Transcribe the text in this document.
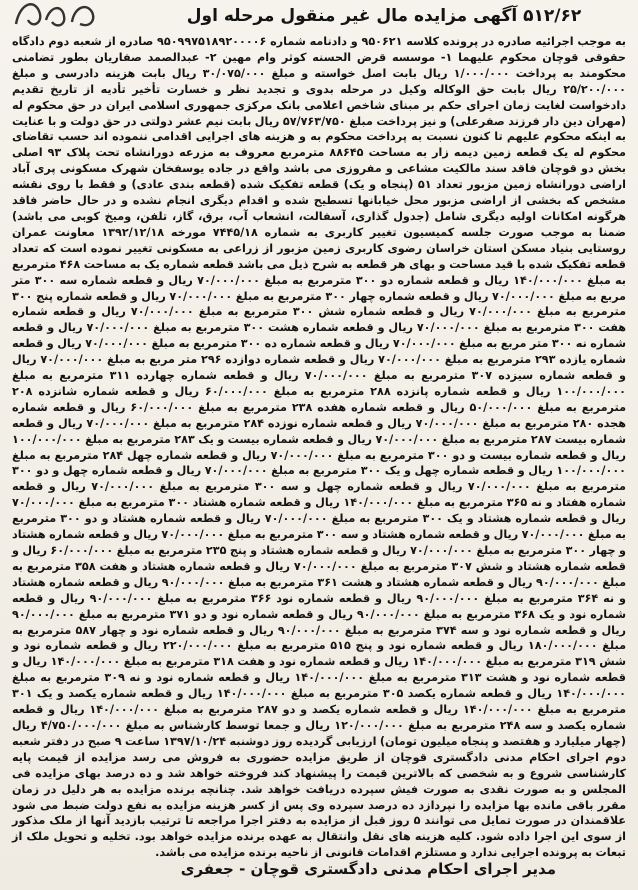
۵۱۲/۶۲ آگهی مزایده مال غیر منقول مرحله اول

به موجب اجرائیه صادره در پرونده کلاسه ۹۵۰۶۲۱ و دادنامه شماره ۹۵۰۹۹۷۵۱۸۹۲۰۰۰۰۶ صادره از شعبه دوم دادگاه حقوقی قوچان محکوم علیهما ۱- موسسه قرض الحسنه کوثر وام مهین ۲- عبدالصمد صفاریان بطور تضامنی محکومند به پرداخت ۱/۰۰۰/۰۰۰ ریال بابت اصل خواسته و مبلغ ۳۰/۰۷۵/۰۰۰ ریال بابت هزینه دادرسی و مبلغ ۲۵/۲۰۰/۰۰۰ ریال بابت حق الوکاله وکیل در مرحله بدوی و تجدید نظر و خسارت تأخیر تأدیه از تاریخ تقدیم دادخواست لغایت زمان اجرای حکم بر مبنای شاخص اعلامی بانک مرکزی جمهوری اسلامی ایران در حق محکوم له (مهران دین دار فرزند صفرعلی) و نیز پرداخت مبلغ ۵۷/۷۶۳/۷۵۰ ریال بابت نیم عشر دولتی در حق دولت و با عنایت به اینکه محکوم علیهم تا کنون نسبت به پرداخت محکوم به و هزینه های اجرایی اقدامی ننموده اند حسب تقاضای محکوم له یک قطعه زمین دیمه زار به مساحت ۸۸۶۴۵ مترمربع معروف به مزرعه دورانشاه تحت پلاک ۹۳ اصلی بخش دو قوچان فاقد سند مالکیت مشاعی و مفروزی می باشد واقع در جاده یوسفخان شهرک مسکونی پری آباد اراضی دورانشاه زمین مزبور تعداد ۵۱ (پنجاه و یک) قطعه تفکیک شده (قطعه بندی عادی) و فقط با روی نقشه مشخص که بخشی از اراضی مزبور محل خیابانها تسطیح شده و اقدام دیگری انجام نشده و در حال حاضر فاقد هرگونه امکانات اولیه دیگری شامل (جدول گذاری، آسفالت، انشعاب آب، برق، گاز، تلفن، ومیخ کوبی می باشد) ضمنا به موجب صورت جلسه کمیسیون تغییر کاربری به شماره ۷۴۴۵/۱۸ مورخه ۱۳۹۲/۱۲/۱۸ معاونت عمران روستایی بنیاد مسکن استان خراسان رضوی کاربری زمین مزبور از زراعی به مسکونی تغییر نموده است که تعداد قطعه تفکیک شده با قید مساحت و بهای هر قطعه به شرح ذیل می باشد قطعه شماره یک به مساحت ۴۶۸ مترمربع به مبلغ ۱۴۰/۰۰۰/۰۰۰ ریال و قطعه شماره دو ۳۰۰ مترمربع به مبلغ ۷۰/۰۰۰/۰۰۰ ریال و قطعه شماره سه ۳۰۰ متر مربع به مبلغ ۷۰/۰۰۰/۰۰۰ ریال و قطعه شماره چهار ۳۰۰ مترمربع به مبلغ ۷۰/۰۰۰/۰۰۰ ریال و قطعه شماره پنج ۳۰۰ مترمربع به مبلغ ۷۰/۰۰۰/۰۰۰ ریال و قطعه شماره شش ۳۰۰ مترمربع به مبلغ ۷۰/۰۰۰/۰۰۰ ریال و قطعه شماره هفت ۳۰۰ مترمربع به مبلغ ۷۰/۰۰۰/۰۰۰ ریال و قطعه شماره هشت ۳۰۰ مترمربع به مبلغ ۷۰/۰۰۰/۰۰۰ ریال و قطعه شماره نه ۳۰۰ متر مربع به مبلغ ۷۰/۰۰۰/۰۰۰ ریال و قطعه شماره ده ۳۰۰ مترمربع به مبلغ ۷۰/۰۰۰/۰۰۰ ریال و قطعه شماره یازده ۲۹۳ مترمربع به مبلغ ۷۰/۰۰۰/۰۰۰ ریال و قطعه شماره دوازده ۲۹۶ متر مربع به مبلغ ۷۰/۰۰۰/۰۰۰ ریال و قطعه شماره سیزده ۳۰۷ مترمربع به مبلغ ۷۰/۰۰۰/۰۰۰ ریال و قطعه شماره چهارده ۳۱۱ مترمربع به مبلغ ۱۰۰/۰۰۰/۰۰۰ ریال و قطعه شماره پانزده ۲۸۸ مترمربع به مبلغ ۶۰/۰۰۰/۰۰۰ ریال و قطعه شماره شانزده ۲۰۸ مترمربع به مبلغ ۵۰/۰۰۰/۰۰۰ ریال و قطعه شماره هفده ۲۳۸ مترمربع به مبلغ ۶۰/۰۰۰/۰۰۰ ریال و قطعه شماره هجده ۲۸۰ مترمربع به مبلغ ۷۰/۰۰۰/۰۰۰ ریال و قطعه شماره نوزده ۲۸۴ مترمربع به مبلغ ۷۰/۰۰۰/۰۰۰ ریال و قطعه شماره بیست ۲۸۷ مترمربع به مبلغ ۷۰/۰۰۰/۰۰۰ ریال و قطعه شماره بیست و یک ۲۸۳ مترمربع به مبلغ ۱۰۰/۰۰۰/۰۰۰ ریال و قطعه شماره بیست و دو ۳۰۰ مترمربع به مبلغ ۷۰/۰۰۰/۰۰۰ ریال و قطعه شماره چهل ۲۸۴ مترمربع به مبلغ ۱۰۰/۰۰۰/۰۰۰ ریال و قطعه شماره چهل و یک ۳۰۰ مترمربع به مبلغ ۷۰/۰۰۰/۰۰۰ ریال و قطعه شماره چهل و دو ۳۰۰ مترمربع به مبلغ ۷۰/۰۰۰/۰۰۰ ریال و قطعه شماره چهل و سه ۳۰۰ مترمربع به مبلغ ۷۰/۰۰۰/۰۰۰ ریال و قطعه شماره هفتاد و نه ۳۶۵ مترمربع به مبلغ ۱۴۰/۰۰۰/۰۰۰ ریال و قطعه شماره هشتاد ۳۰۰ مترمربع به مبلغ ۷۰/۰۰۰/۰۰۰ ریال و قطعه شماره هشتاد و یک ۳۰۰ مترمربع به مبلغ ۷۰/۰۰۰/۰۰۰ ریال و قطعه شماره هشتاد و دو ۳۰۰ مترمربع به مبلغ ۷۰/۰۰۰/۰۰۰ ریال و قطعه شماره هشتاد و سه ۳۰۰ مترمربع به مبلغ ۷۰/۰۰۰/۰۰۰ ریال و قطعه شماره هشتاد و چهار ۳۰۰ مترمربع به مبلغ ۷۰/۰۰۰/۰۰۰ ریال و قطعه شماره هشتاد و پنج ۲۳۵ مترمربع به مبلغ ۶۰/۰۰۰/۰۰۰ ریال و قطعه شماره هشتاد و شش ۳۰۷ مترمربع به مبلغ ۷۰/۰۰۰/۰۰۰ ریال و قطعه شماره هشتاد و هفت ۳۵۸ مترمربع به مبلغ ۹۰/۰۰۰/۰۰۰ ریال و قطعه شماره هشتاد و هشت ۳۶۱ مترمربع به مبلغ ۹۰/۰۰۰/۰۰۰ ریال و قطعه شماره هشتاد و نه ۳۶۴ مترمربع به مبلغ ۹۰/۰۰۰/۰۰۰ ریال و قطعه شماره نود ۳۶۶ مترمربع به مبلغ ۹۰/۰۰۰/۰۰۰ ریال و قطعه شماره نود و یک ۳۶۸ مترمربع به مبلغ ۹۰/۰۰۰/۰۰۰ ریال و قطعه شماره نود و دو ۳۷۱ مترمربع به مبلغ ۹۰/۰۰۰/۰۰۰ ریال و قطعه شماره نود و سه ۳۷۴ مترمربع به مبلغ ۹۰/۰۰۰/۰۰۰ ریال و قطعه شماره نود و چهار ۵۸۷ مترمربع به مبلغ ۱۸۰/۰۰۰/۰۰۰ ریال و قطعه شماره نود و پنج ۵۱۵ مترمربع به مبلغ ۲۲۰/۰۰۰/۰۰۰ ریال و قطعه شماره نود و شش ۳۱۹ مترمربع به مبلغ ۱۴۰/۰۰۰/۰۰۰ ریال و قطعه شماره نود و هفت ۳۱۸ مترمربع به مبلغ ۱۴۰/۰۰۰/۰۰۰ ریال و قطعه شماره نود و هشت ۳۱۳ مترمربع به مبلغ ۱۴۰/۰۰۰/۰۰۰ ریال و قطعه شماره نود و نه ۳۰۹ مترمربع به مبلغ ۱۴۰/۰۰۰/۰۰۰ ریال و قطعه شماره یکصد ۳۰۵ مترمربع به مبلغ ۱۴۰/۰۰۰/۰۰۰ ریال و قطعه شماره یکصد و یک ۳۰۱ مترمربع به مبلغ ۱۴۰/۰۰۰/۰۰۰ ریال و قطعه شماره یکصد و دو ۲۸۷ مترمربع به مبلغ ۱۴۰/۰۰۰/۰۰۰ ریال و قطعه شماره یکصد و سه ۲۴۸ مترمربع به مبلغ ۱۲۰/۰۰۰/۰۰۰ ریال و جمعا توسط کارشناس به مبلغ ۴/۷۵۰/۰۰۰/۰۰۰ ریال (چهار میلیارد و هفتصد و پنجاه میلیون تومان) ارزیابی گردیده روز دوشنبه ۱۳۹۷/۱۰/۲۴ ساعت ۹ صبح در دفتر شعبه دوم اجرای احکام مدنی دادگستری قوچان از طریق مزایده حضوری به فروش می رسد مزایده از قیمت پایه کارشناسی شروع و به شخصی که بالاترین قیمت را پیشنهاد کند فروخته خواهد شد و ده درصد بهای مزایده فی المجلس و به صورت نقدی به صورت فیش سپرده دریافت خواهد شد. چنانچه برنده مزایده به هر دلیل در زمان مقرر باقی مانده بها مزایده را نپردازد ده درصد سپرده وی پس از کسر هزینه مزایده به نفع دولت ضبط می شود علاقمندان در صورت تمایل می توانند ۵ روز قبل از مزایده به دفتر اجرا مراجعه تا ترتیب بازدید آنها از ملک مذکور از سوی این اجرا داده شود. کلیه هزینه های نقل وانتقال به عهده برنده مزایده خواهد بود. تخلیه و تحویل ملک از تبعات به پرونده اجرایی ندارد و مستلزم اقدامات قانونی از ناحیه برنده مزایده می باشد.

مدیر اجرای احکام مدنی دادگستری قوچان - جعفری
